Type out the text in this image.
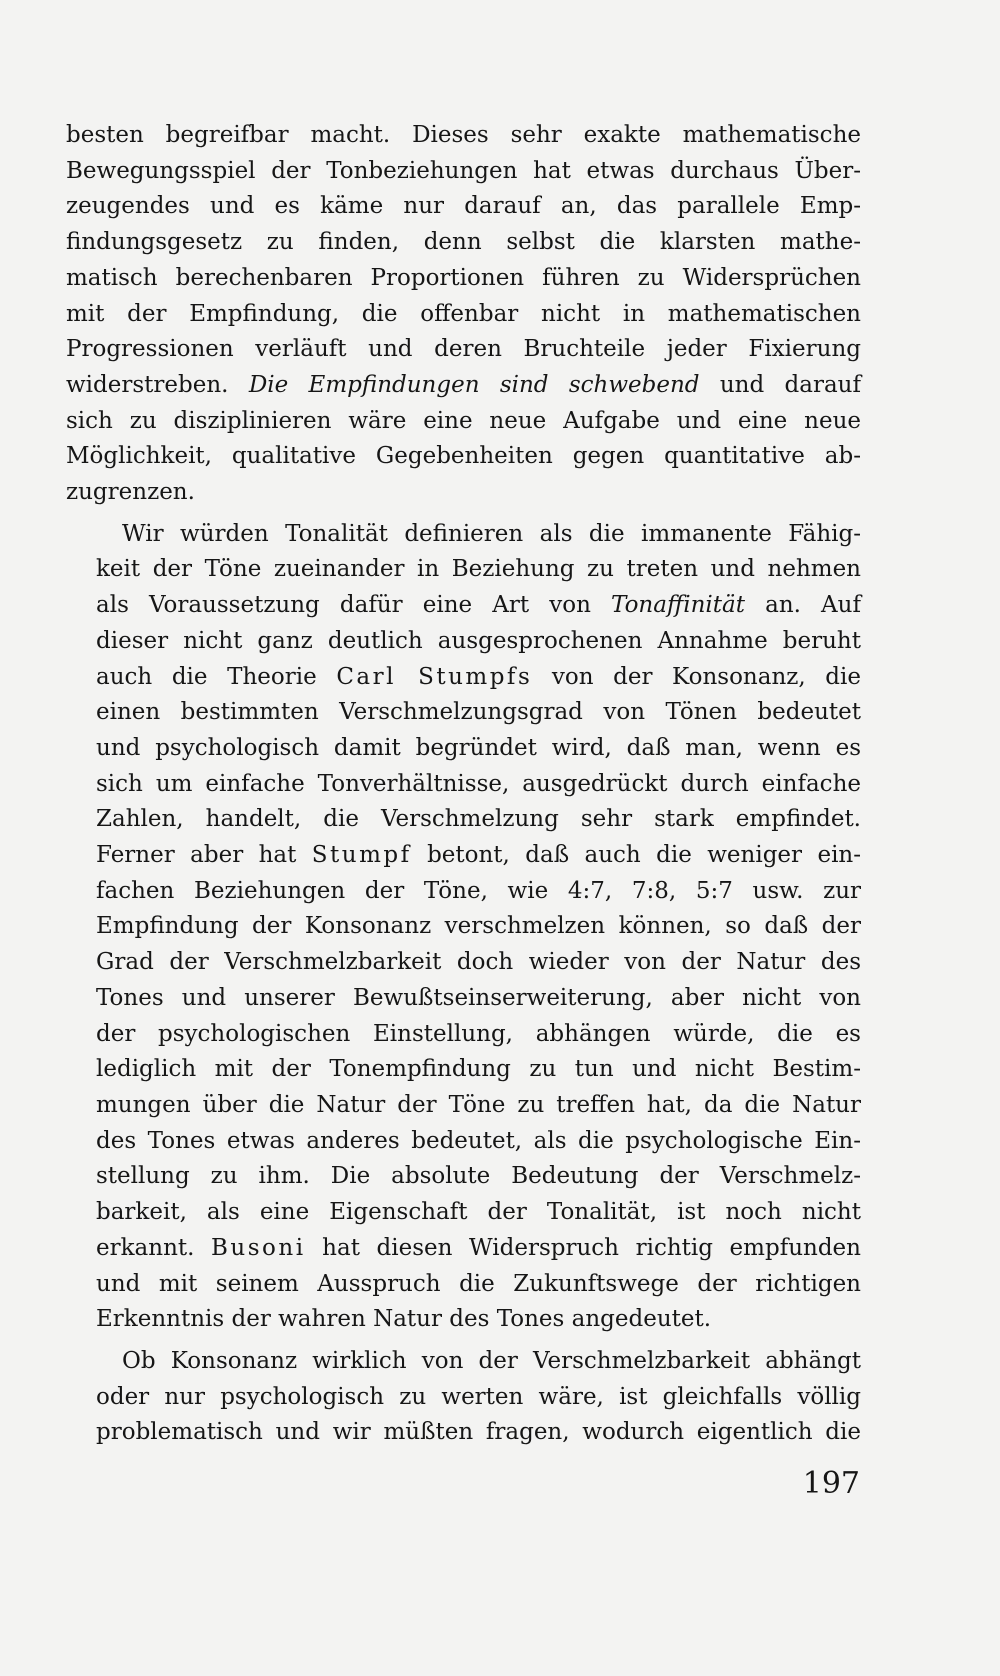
besten begreifbar macht. Dieses sehr exakte mathematische
Bewegungsspiel der Tonbeziehungen hat etwas durchaus Über-
zeugendes und es käme nur darauf an, das parallele Emp-
findungsgesetz zu finden, denn selbst die klarsten mathe-
matisch berechenbaren Proportionen führen zu Widersprüchen
mit der Empfindung, die offenbar nicht in mathematischen
Progressionen verläuft und deren Bruchteile jeder Fixierung
widerstreben. Die Empfindungen sind schwebend und darauf
sich zu disziplinieren wäre eine neue Aufgabe und eine neue
Möglichkeit, qualitative Gegebenheiten gegen quantitative ab-
zugrenzen.
Wir würden Tonalität definieren als die immanente Fähig-
keit der Töne zueinander in Beziehung zu treten und nehmen
als Voraussetzung dafür eine Art von Tonaffinität an. Auf
dieser nicht ganz deutlich ausgesprochenen Annahme beruht
auch die Theorie Carl Stumpfs von der Konsonanz, die
einen bestimmten Verschmelzungsgrad von Tönen bedeutet
und psychologisch damit begründet wird, daß man, wenn es
sich um einfache Tonverhältnisse, ausgedrückt durch einfache
Zahlen, handelt, die Verschmelzung sehr stark empfindet.
Ferner aber hat Stumpf betont, daß auch die weniger ein-
fachen Beziehungen der Töne, wie 4:7, 7:8, 5:7 usw. zur
Empfindung der Konsonanz verschmelzen können, so daß der
Grad der Verschmelzbarkeit doch wieder von der Natur des
Tones und unserer Bewußtseinserweiterung, aber nicht von
der psychologischen Einstellung, abhängen würde, die es
lediglich mit der Tonempfindung zu tun und nicht Bestim-
mungen über die Natur der Töne zu treffen hat, da die Natur
des Tones etwas anderes bedeutet, als die psychologische Ein-
stellung zu ihm. Die absolute Bedeutung der Verschmelz-
barkeit, als eine Eigenschaft der Tonalität, ist noch nicht
erkannt. Busoni hat diesen Widerspruch richtig empfunden
und mit seinem Ausspruch die Zukunftswege der richtigen
Erkenntnis der wahren Natur des Tones angedeutet.
Ob Konsonanz wirklich von der Verschmelzbarkeit abhängt
oder nur psychologisch zu werten wäre, ist gleichfalls völlig
problematisch und wir müßten fragen, wodurch eigentlich die
197
